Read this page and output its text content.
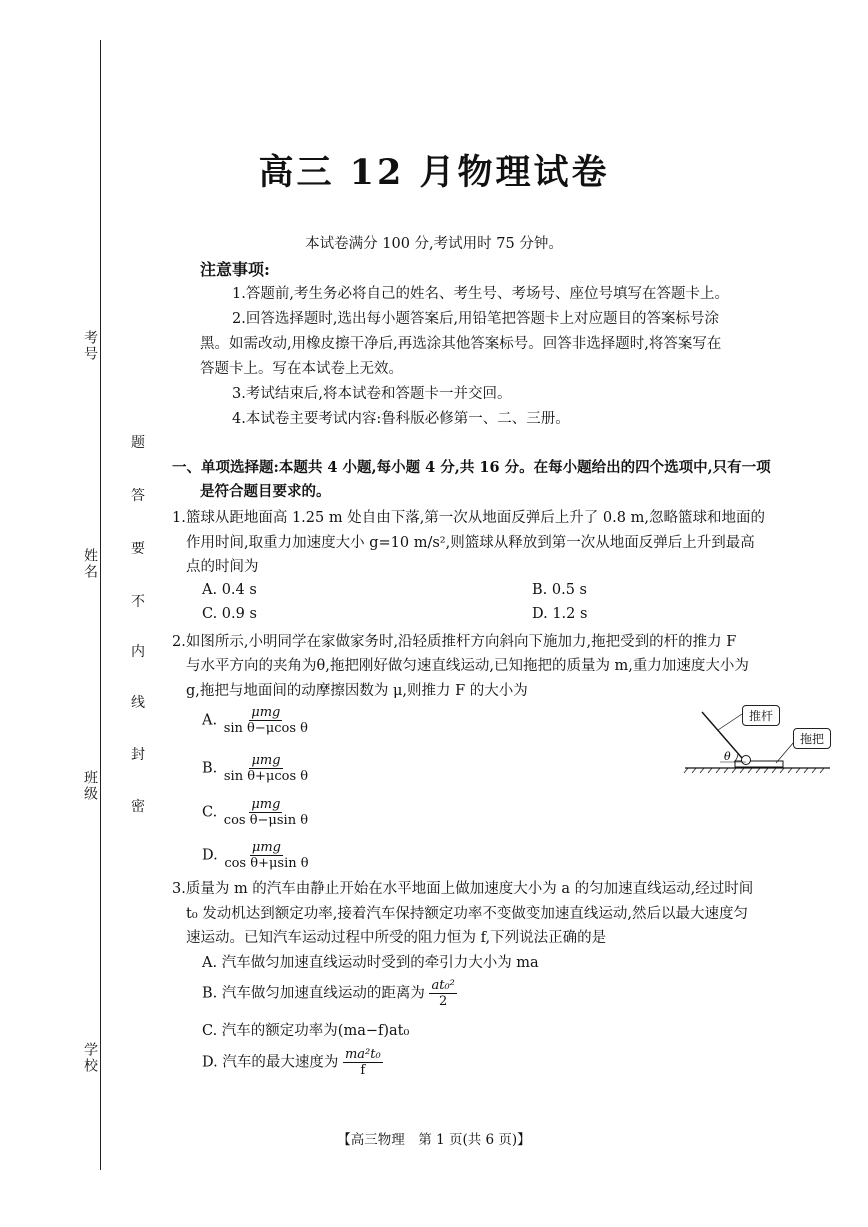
考号
姓名
班级
学校
题
答
要
不
内
线
封
密
高三 12 月物理试卷
本试卷满分 100 分,考试用时 75 分钟。
注意事项:
1.答题前,考生务必将自己的姓名、考生号、考场号、座位号填写在答题卡上。
2.回答选择题时,选出每小题答案后,用铅笔把答题卡上对应题目的答案标号涂
黑。如需改动,用橡皮擦干净后,再选涂其他答案标号。回答非选择题时,将答案写在
答题卡上。写在本试卷上无效。
3.考试结束后,将本试卷和答题卡一并交回。
4.本试卷主要考试内容:鲁科版必修第一、二、三册。
一、单项选择题:本题共 4 小题,每小题 4 分,共 16 分。在每小题给出的四个选项中,只有一项
是符合题目要求的。
1.篮球从距地面高 1.25 m 处自由下落,第一次从地面反弹后上升了 0.8 m,忽略篮球和地面的
作用时间,取重力加速度大小 g=10 m/s²,则篮球从释放到第一次从地面反弹后上升到最高
点的时间为
A. 0.4 s	B. 0.5 s
C. 0.9 s	D. 1.2 s
2.如图所示,小明同学在家做家务时,沿轻质推杆方向斜向下施加力,拖把受到的杆的推力 F
与水平方向的夹角为θ,拖把刚好做匀速直线运动,已知拖把的质量为 m,重力加速度大小为
g,拖把与地面间的动摩擦因数为 μ,则推力 F 的大小为
A. $\frac{\text{μmg}}{\text{sin θ−μcos θ}}$
B. $\frac{\text{μmg}}{\text{sin θ+μcos θ}}$
C. $\frac{\text{μmg}}{\text{cos θ−μsin θ}}$
D. $\frac{\text{μmg}}{\text{cos θ+μsin θ}}$
θ
推杆
拖把
3.质量为 m 的汽车由静止开始在水平地面上做加速度大小为 a 的匀加速直线运动,经过时间
t₀ 发动机达到额定功率,接着汽车保持额定功率不变做变加速直线运动,然后以最大速度匀
速运动。已知汽车运动过程中所受的阻力恒为 f,下列说法正确的是
A. 汽车做匀加速直线运动时受到的牵引力大小为 ma
B. 汽车做匀加速直线运动的距离为 $\frac{\text{at₀²}}{2}$
C. 汽车的额定功率为(ma−f)at₀
D. 汽车的最大速度为 $\frac{\text{ma²t₀}}{f}$
【高三物理　第 1 页(共 6 页)】
